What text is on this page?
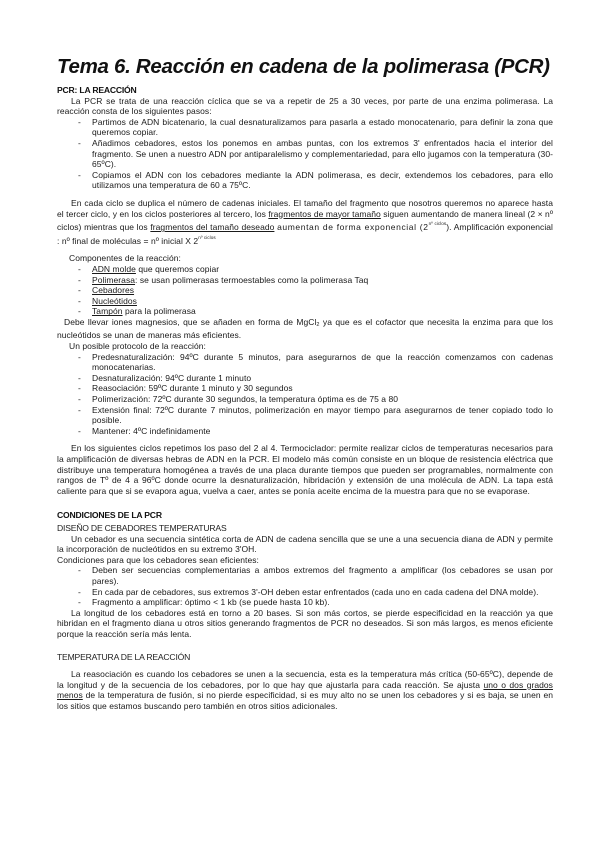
Tema 6. Reacción en cadena de la polimerasa (PCR)
PCR: LA REACCIÓN

La PCR se trata de una reacción cíclica que se va a repetir de 25 a 30 veces, por parte de una enzima polimerasa. La reacción consta de los siguientes pasos:

- Partimos de ADN bicatenario, la cual desnaturalizamos para pasarla a estado monocatenario, para definir la zona que queremos copiar.
- Añadimos cebadores, estos los ponemos en ambas puntas, con los extremos 3' enfrentados hacia el interior del fragmento. Se unen a nuestro ADN por antiparalelismo y complementariedad, para ello jugamos con la temperatura (30-65ºC).
- Copiamos el ADN con los cebadores mediante la ADN polimerasa, es decir, extendemos los cebadores, para ello utilizamos una temperatura de 60 a 75ºC.

En cada ciclo se duplica el número de cadenas iniciales. El tamaño del fragmento que nosotros queremos no aparece hasta el tercer ciclo, y en los ciclos posteriores al tercero, los fragmentos de mayor tamaño siguen aumentando de manera lineal (2 × nº ciclos) mientras que los fragmentos del tamaño deseado aumentan de forma exponencial $(2^{nº ciclos})$. Amplificación exponencial : nº final de moléculas = nº inicial X $2^{nº ciclos}$

Componentes de la reacción:

- ADN molde que queremos copiar
- Polimerasa: se usan polimerasas termoestables como la polimerasa Taq
- Cebadores
- Nucleótidos
- Tampón para la polimerasa

Debe llevar iones magnesios, que se añaden en forma de MgCl2 ya que es el cofactor que necesita la enzima para que los nucleótidos se unan de maneras más eficientes.

Un posible protocolo de la reacción:

- Predesnaturalización: 94ºC durante 5 minutos, para asegurarnos de que la reacción comenzamos con cadenas monocatenarias.
- Desnaturalización: 94ºC durante 1 minuto
- Reasociación: 59ºC durante 1 minuto y 30 segundos
- Polimerización: 72ºC durante 30 segundos, la temperatura óptima es de 75 a 80
- Extensión final: 72ºC durante 7 minutos, polimerización en mayor tiempo para asegurarnos de tener copiado todo lo posible.
- Mantener: 4ºC indefinidamente

En los siguientes ciclos repetimos los paso del 2 al 4. Termociclador: permite realizar ciclos de temperaturas necesarios para la amplificación de diversas hebras de ADN en la PCR. El modelo más común consiste en un bloque de resistencia eléctrica que distribuye una temperatura homogénea a través de una placa durante tiempos que pueden ser programables, normalmente con rangos de Tº de 4 a 96ºC donde ocurre la desnaturalización, hibridación y extensión de una molécula de ADN. La tapa está caliente para que si se evapora agua, vuelva a caer, antes se ponía aceite encima de la muestra para que no se evaporase.

CONDICIONES DE LA PCR
DISEÑO DE CEBADORES TEMPERATURAS

Un cebador es una secuencia sintética corta de ADN de cadena sencilla que se une a una secuencia diana de ADN y permite la incorporación de nucleótidos en su extremo 3'OH.

Condiciones para que los cebadores sean eficientes:

- Deben ser secuencias complementarias a ambos extremos del fragmento a amplificar (los cebadores se usan por pares).
- En cada par de cebadores, sus extremos 3'-OH deben estar enfrentados (cada uno en cada cadena del DNA molde).
- Fragmento a amplificar: óptimo < 1 kb (se puede hasta 10 kb).

La longitud de los cebadores está en torno a 20 bases. Si son más cortos, se pierde especificidad en la reacción ya que hibridan en el fragmento diana u otros sitios generando fragmentos de PCR no deseados. Si son más largos, es menos eficiente porque la reacción sería más lenta.

TEMPERATURA DE LA REACCIÓN

La reasociación es cuando los cebadores se unen a la secuencia, esta es la temperatura más crítica (50-65ºC), depende de la longitud y de la secuencia de los cebadores, por lo que hay que ajustarla para cada reacción. Se ajusta uno o dos grados menos de la temperatura de fusión, si no pierde especificidad, si es muy alto no se unen los cebadores y si es baja, se unen en los sitios que estamos buscando pero también en otros sitios adicionales.
